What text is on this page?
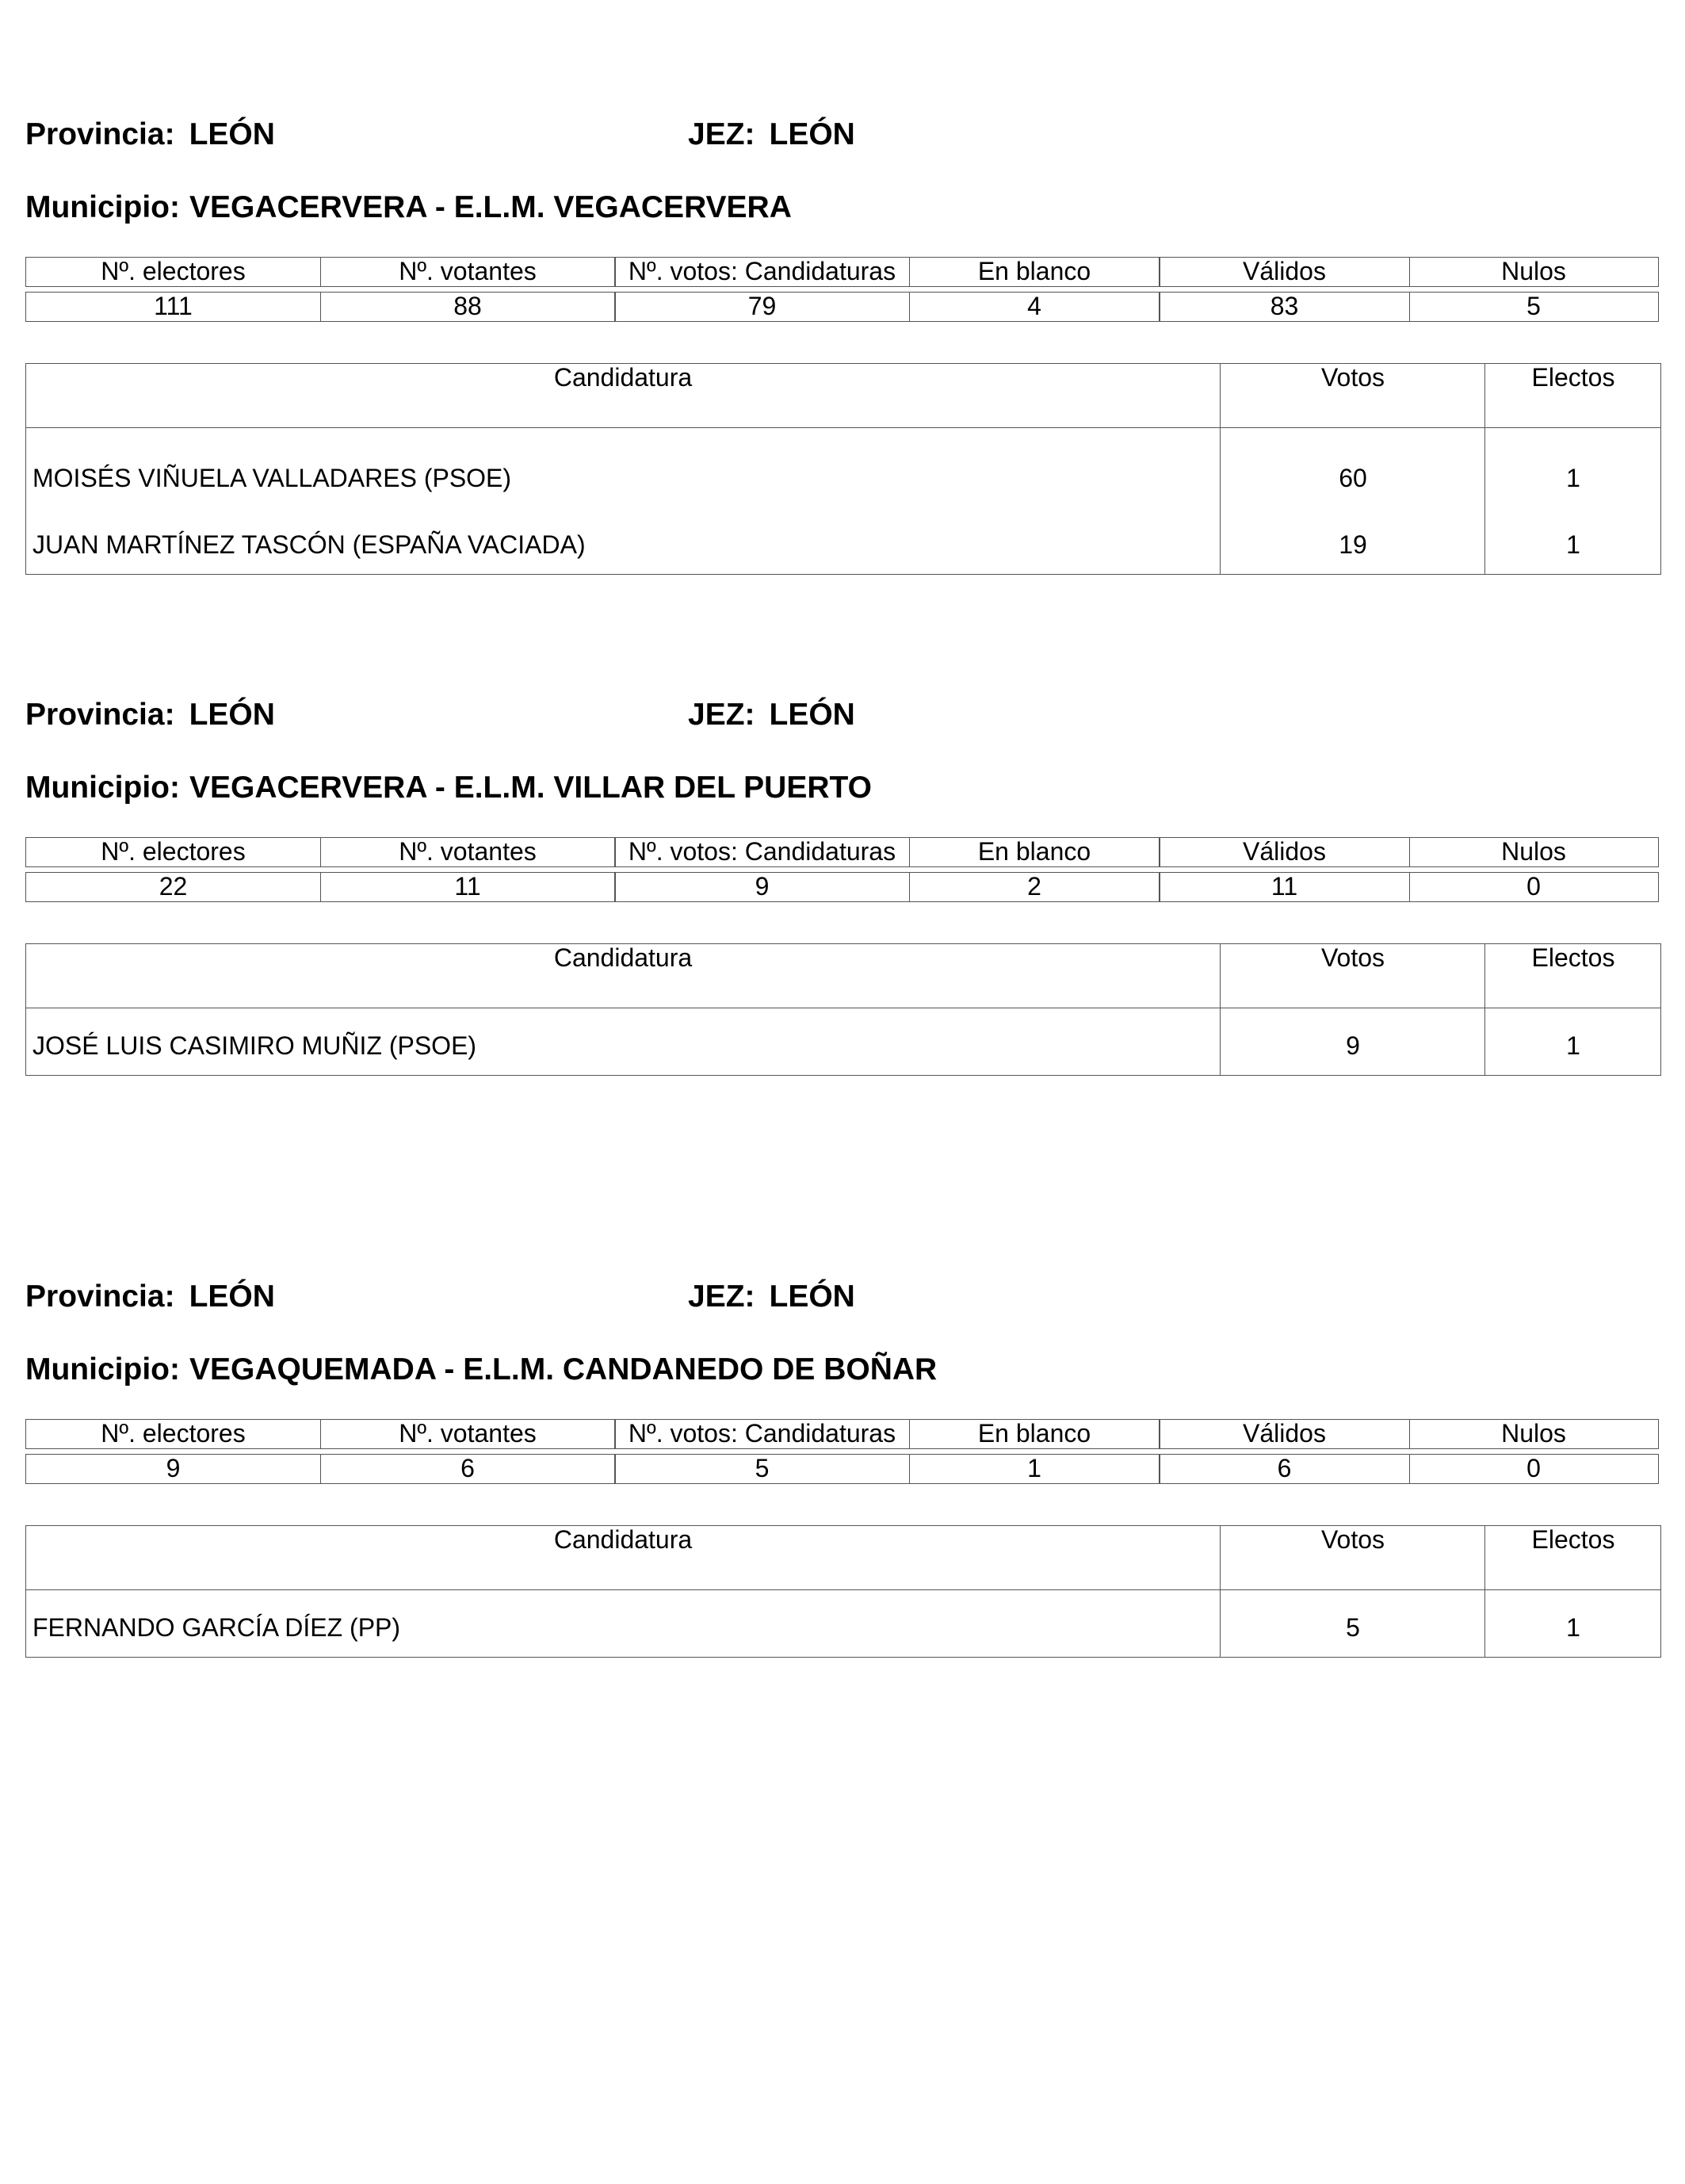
Provincia: LEÓN	JEZ: LEÓN
Municipio: VEGACERVERA - E.L.M. VEGACERVERA
Nº. electores	Nº. votantes	Nº. votos: Candidaturas	En blanco	Válidos	Nulos
111	88	79	4	83	5
Candidatura	Votos	Electos
MOISÉS VIÑUELA VALLADARES (PSOE)	60	1
JUAN MARTÍNEZ TASCÓN (ESPAÑA VACIADA)	19	1
Provincia: LEÓN	JEZ: LEÓN
Municipio: VEGACERVERA - E.L.M. VILLAR DEL PUERTO
Nº. electores	Nº. votantes	Nº. votos: Candidaturas	En blanco	Válidos	Nulos
22	11	9	2	11	0
Candidatura	Votos	Electos
JOSÉ LUIS CASIMIRO MUÑIZ (PSOE)	9	1
Provincia: LEÓN	JEZ: LEÓN
Municipio: VEGAQUEMADA - E.L.M. CANDANEDO DE BOÑAR
Nº. electores	Nº. votantes	Nº. votos: Candidaturas	En blanco	Válidos	Nulos
9	6	5	1	6	0
Candidatura	Votos	Electos
FERNANDO GARCÍA DÍEZ (PP)	5	1
